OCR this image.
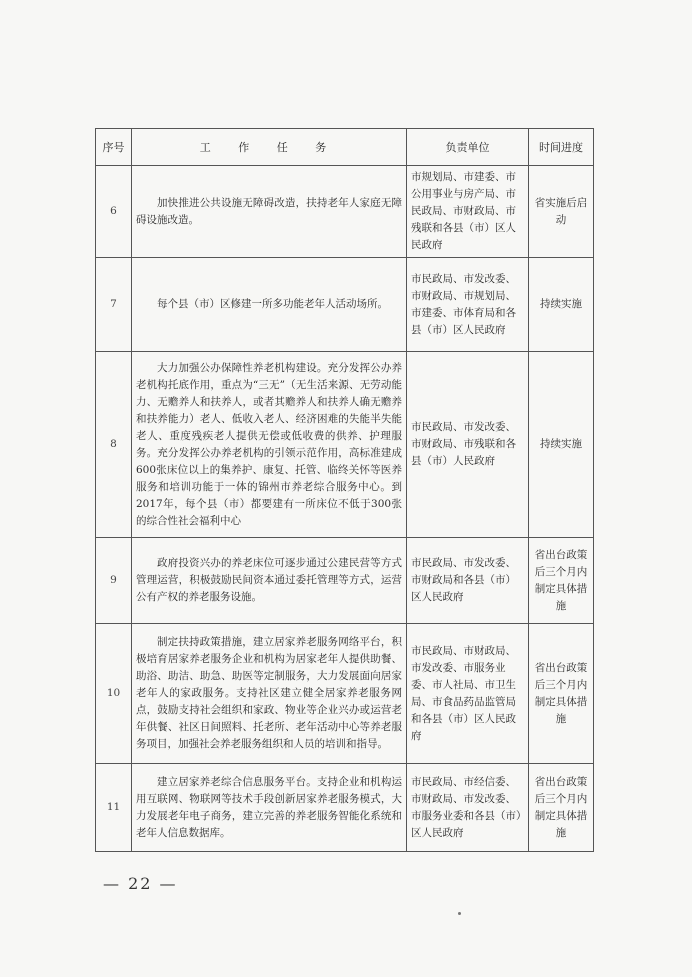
序号	工 作 任 务	负责单位	时间进度
6	加快推进公共设施无障碍改造，扶持老年人家庭无障碍设施改造。	市规划局、市建委、市公用事业与房产局、市民政局、市财政局、市残联和各县（市）区人民政府	省实施后启动
7	每个县（市）区修建一所多功能老年人活动场所。	市民政局、市发改委、市财政局、市规划局、市建委、市体育局和各县（市）区人民政府	持续实施
8	大力加强公办保障性养老机构建设。充分发挥公办养老机构托底作用，重点为“三无”（无生活来源、无劳动能力、无赡养人和扶养人，或者其赡养人和扶养人确无赡养和扶养能力）老人、低收入老人、经济困难的失能半失能老人、重度残疾老人提供无偿或低收费的供养、护理服务。充分发挥公办养老机构的引领示范作用，高标准建成600张床位以上的集养护、康复、托管、临终关怀等医养服务和培训功能于一体的锦州市养老综合服务中心。到2017年，每个县（市）都要建有一所床位不低于300张的综合性社会福利中心	市民政局、市发改委、市财政局、市残联和各县（市）人民政府	持续实施
9	政府投资兴办的养老床位可逐步通过公建民营等方式管理运营，积极鼓励民间资本通过委托管理等方式，运营公有产权的养老服务设施。	市民政局、市发改委、市财政局和各县（市）区人民政府	省出台政策后三个月内制定具体措施
10	制定扶持政策措施，建立居家养老服务网络平台，积极培育居家养老服务企业和机构为居家老年人提供助餐、助浴、助洁、助急、助医等定制服务，大力发展面向居家老年人的家政服务。支持社区建立健全居家养老服务网点，鼓励支持社会组织和家政、物业等企业兴办或运营老年供餐、社区日间照料、托老所、老年活动中心等养老服务项目，加强社会养老服务组织和人员的培训和指导。	市民政局、市财政局、市发改委、市服务业委、市人社局、市卫生局、市食品药品监管局和各县（市）区人民政府	省出台政策后三个月内制定具体措施
11	建立居家养老综合信息服务平台。支持企业和机构运用互联网、物联网等技术手段创新居家养老服务模式，大力发展老年电子商务，建立完善的养老服务智能化系统和老年人信息数据库。	市民政局、市经信委、市财政局、市发改委、市服务业委和各县（市）区人民政府	省出台政策后三个月内制定具体措施
— 22 —
